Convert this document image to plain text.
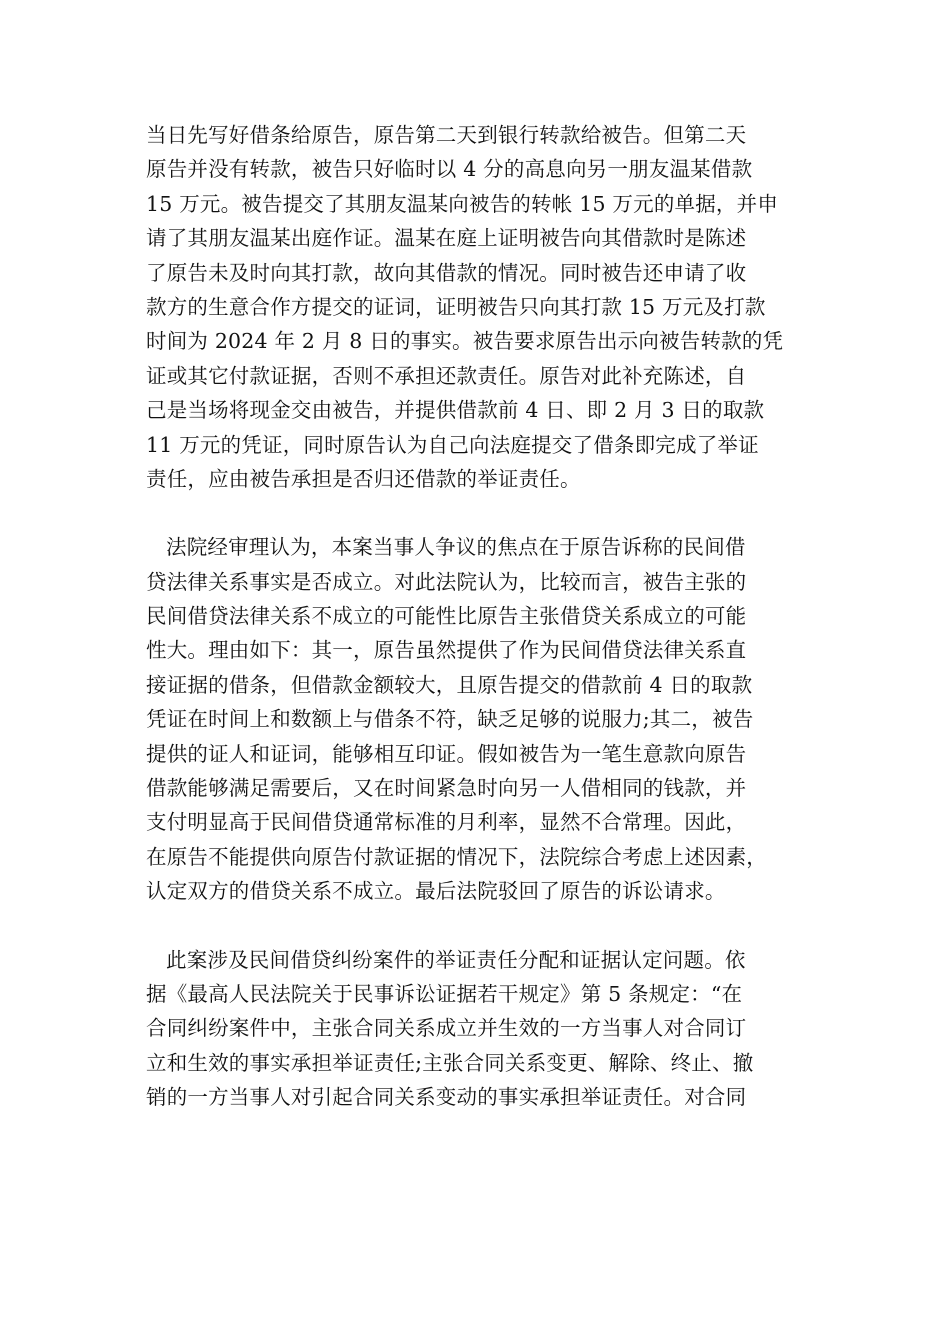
当日先写好借条给原告，原告第二天到银行转款给被告。但第二天
原告并没有转款，被告只好临时以 4 分的高息向另一朋友温某借款
15 万元。被告提交了其朋友温某向被告的转帐 15 万元的单据，并申
请了其朋友温某出庭作证。温某在庭上证明被告向其借款时是陈述
了原告未及时向其打款，故向其借款的情况。同时被告还申请了收
款方的生意合作方提交的证词，证明被告只向其打款 15 万元及打款
时间为 2024 年 2 月 8 日的事实。被告要求原告出示向被告转款的凭
证或其它付款证据，否则不承担还款责任。原告对此补充陈述，自
己是当场将现金交由被告，并提供借款前 4 日、即 2 月 3 日的取款
11 万元的凭证，同时原告认为自己向法庭提交了借条即完成了举证
责任，应由被告承担是否归还借款的举证责任。
法院经审理认为，本案当事人争议的焦点在于原告诉称的民间借
贷法律关系事实是否成立。对此法院认为，比较而言，被告主张的
民间借贷法律关系不成立的可能性比原告主张借贷关系成立的可能
性大。理由如下：其一，原告虽然提供了作为民间借贷法律关系直
接证据的借条，但借款金额较大，且原告提交的借款前 4 日的取款
凭证在时间上和数额上与借条不符，缺乏足够的说服力;其二，被告
提供的证人和证词，能够相互印证。假如被告为一笔生意款向原告
借款能够满足需要后，又在时间紧急时向另一人借相同的钱款，并
支付明显高于民间借贷通常标准的月利率，显然不合常理。因此，
在原告不能提供向原告付款证据的情况下，法院综合考虑上述因素，
认定双方的借贷关系不成立。最后法院驳回了原告的诉讼请求。
此案涉及民间借贷纠纷案件的举证责任分配和证据认定问题。依
据《最高人民法院关于民事诉讼证据若干规定》第 5 条规定：“在
合同纠纷案件中，主张合同关系成立并生效的一方当事人对合同订
立和生效的事实承担举证责任;主张合同关系变更、解除、终止、撤
销的一方当事人对引起合同关系变动的事实承担举证责任。对合同
